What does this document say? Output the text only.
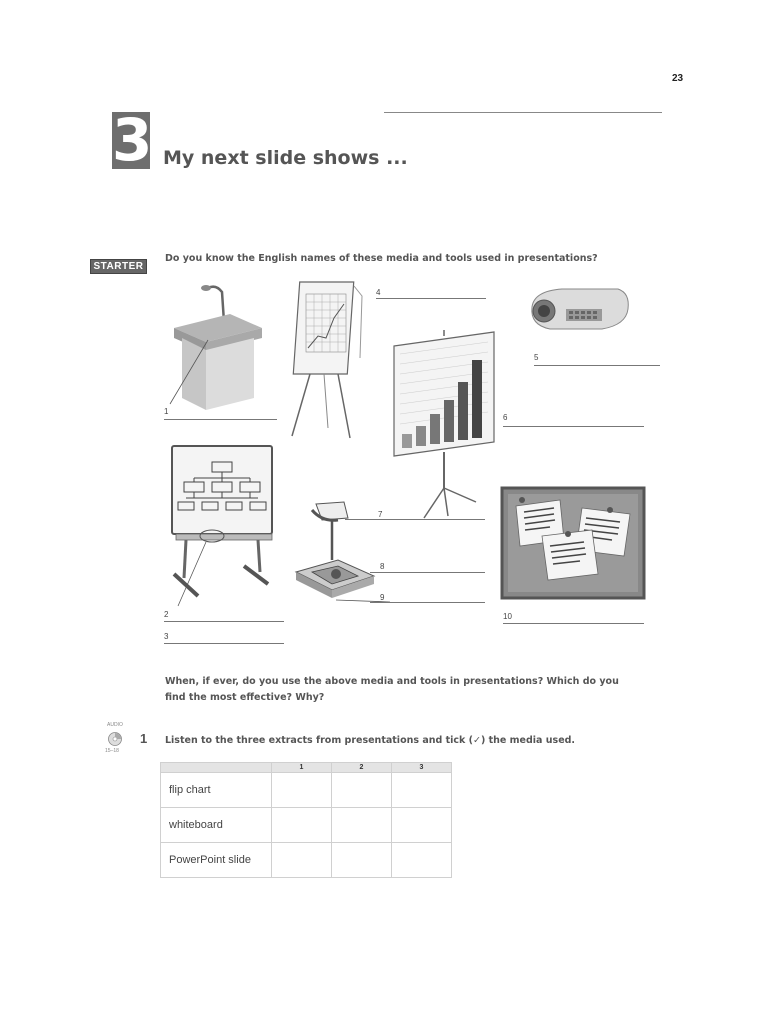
23
3 My next slide shows ...
STARTER
Do you know the English names of these media and tools used in presentations?
1
4
5
6
2
3
7
8
9
10
When, if ever, do you use the above media and tools in presentations? Which do you find the most effective? Why?
AUDIO
15–18
1 Listen to the three extracts from presentations and tick (✓) the media used.
	1	2	3
flip chart			
whiteboard			
PowerPoint slide			
